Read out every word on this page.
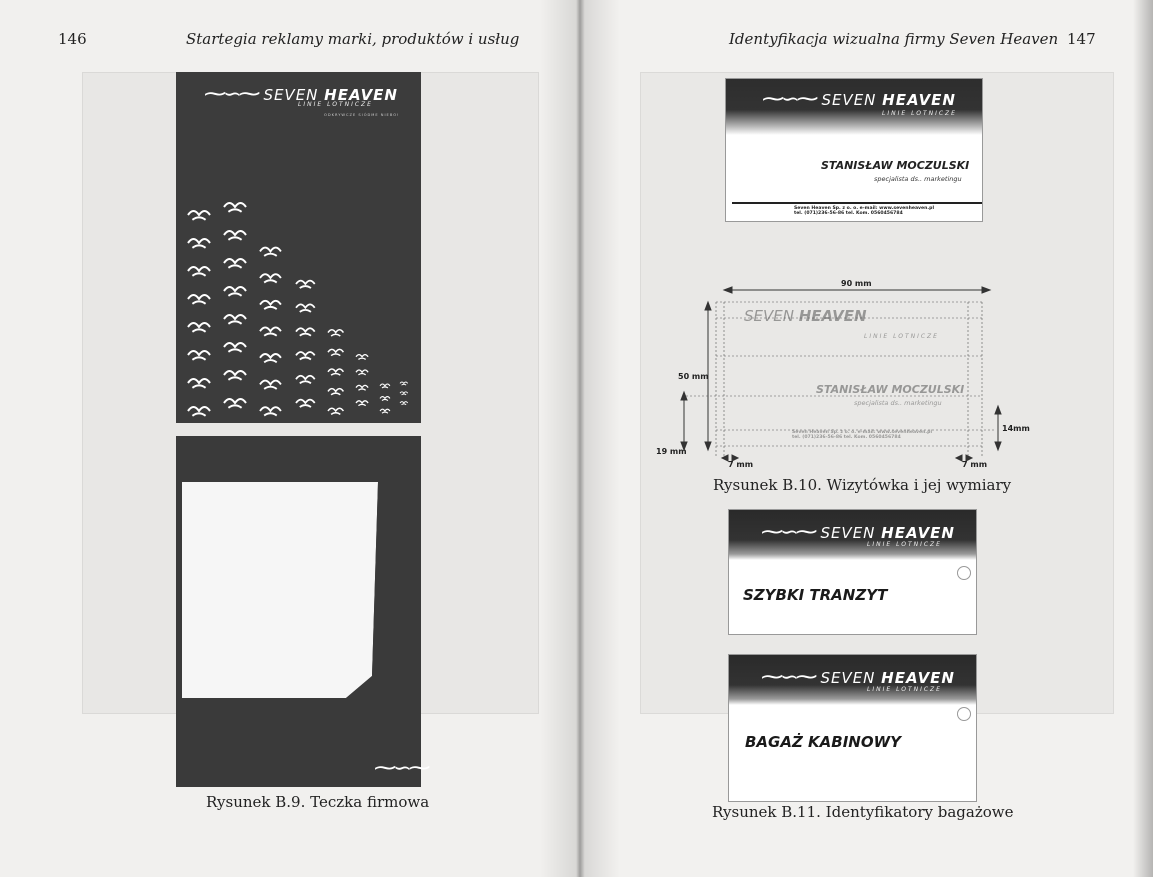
146	Startegia reklamy marki, produktów i usług
⁓∽⁓ SEVEN HEAVEN
LINIE LOTNICZE
ODKRYWCZE SIÓDME NIEBO!
⁓∽⁓
Rysunek B.9. Teczka firmowa
Identyfikacja wizualna firmy Seven Heaven 147
⁓∽⁓ SEVEN HEAVEN
LINIE LOTNICZE
STANISŁAW MOCZULSKI
specjalista ds.. marketingu
Seven Heaven Sp. z o. o. e-mail: www.sevenheaven.pl
tel. (071)236-56-86 tel. Kom. 0560456784
SEVEN HEAVEN
LINIE LOTNICZE
STANISŁAW MOCZULSKI
specjalista ds.. marketingu
Seven Heaven Sp. z o. o. e-mail: www.sevenheaven.pl
tel. (071)236-56-86 tel. Kom. 0560456784
90 mm
50 mm
19 mm
14mm
7 mm	7 mm
Rysunek B.10. Wizytówka i jej wymiary
⁓∽⁓ SEVEN HEAVEN
LINIE LOTNICZE
SZYBKI TRANZYT
⁓∽⁓ SEVEN HEAVEN
LINIE LOTNICZE
BAGAŻ KABINOWY
Rysunek B.11. Identyfikatory bagażowe
